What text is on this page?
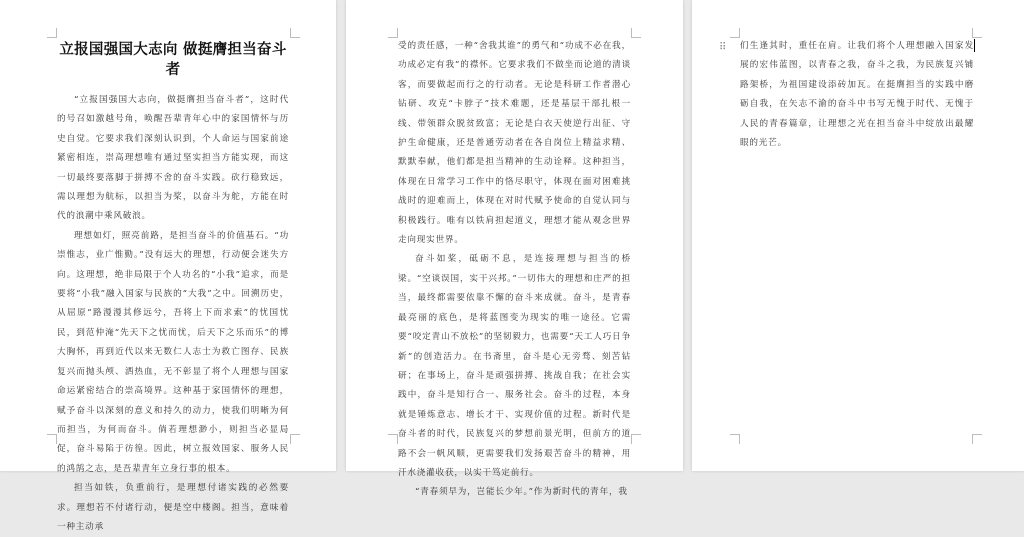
立报国强国大志向 做挺膺担当奋斗者

“立报国强国大志向，做挺膺担当奋斗者”，这时代的号召如激越号角，唤醒吾辈青年心中的家国情怀与历史自觉。它要求我们深刻认识到，个人命运与国家前途紧密相连，崇高理想唯有通过坚实担当方能实现，而这一切最终要落脚于拼搏不舍的奋斗实践。砍行稳致远，需以理想为航标，以担当为桨，以奋斗为舵，方能在时代的浪潮中乘风破浪。

理想如灯，照亮前路，是担当奋斗的价值基石。“功崇惟志，业广惟勤。”没有远大的理想，行动便会迷失方向。这理想，绝非局限于个人功名的“小我”追求，而是要将“小我”融入国家与民族的“大我”之中。回溯历史，从屈原“路漫漫其修远兮，吾将上下而求索”的忧国忧民，到范仲淹“先天下之忧而忧，后天下之乐而乐”的博大胸怀，再到近代以来无数仁人志士为救亡图存、民族复兴而抛头颅、洒热血，无不彰显了将个人理想与国家命运紧密结合的崇高境界。这种基于家国情怀的理想，赋予奋斗以深刻的意义和持久的动力，使我们明晰为何而担当，为何而奋斗。倘若理想渺小，则担当必显局促，奋斗易陷于彷徨。因此，树立报效国家、服务人民的鸿鹄之志，是吾辈青年立身行事的根本。

担当如铁，负重前行，是理想付诸实践的必然要求。理想若不付诸行动，便是空中楼阁。担当，意味着一种主动承

受的责任感，一种“舍我其谁”的勇气和“功成不必在我，功成必定有我”的襟怀。它要求我们不做坐而论道的清谈客，而要做起而行之的行动者。无论是科研工作者潜心钻研、攻克“卡脖子”技术难题，还是基层干部扎根一线、带领群众脱贫致富；无论是白衣天使逆行出征、守护生命健康，还是普通劳动者在各自岗位上精益求精、默默奉献，他们都是担当精神的生动诠释。这种担当，体现在日常学习工作中的恪尽职守，体现在面对困难挑战时的迎难而上，体现在对时代赋予使命的自觉认同与积极践行。唯有以铁肩担起道义，理想才能从观念世界走向现实世界。

奋斗如桨，砥砺不息，是连接理想与担当的桥梁。“空谈误国，实干兴邦。”一切伟大的理想和庄严的担当，最终都需要依靠不懈的奋斗来成就。奋斗，是青春最亮丽的底色，是将蓝图变为现实的唯一途径。它需要“咬定青山不放松”的坚韧毅力，也需要“天工人巧日争新”的创造活力。在书斋里，奋斗是心无旁骛、刻苦钻研；在事场上，奋斗是顽强拼搏、挑战自我；在社会实践中，奋斗是知行合一、服务社会。奋斗的过程，本身就是锤炼意志、增长才干、实现价值的过程。新时代是奋斗者的时代，民族复兴的梦想前景光明，但前方的道路不会一帆风顺，更需要我们发扬艰苦奋斗的精神，用汗水浇灌收获，以实干笃定前行。

“青春须早为，岂能长少年。”作为新时代的青年，我

⠿ 们生逢其时，重任在肩。让我们将个人理想融入国家发展的宏伟蓝图，以青春之我，奋斗之我，为民族复兴铺路架桥，为祖国建设添砖加瓦。在挺膺担当的实践中磨砺自我，在矢志不渝的奋斗中书写无愧于时代、无愧于人民的青春篇章，让理想之光在担当奋斗中绽放出最耀眼的光芒。
